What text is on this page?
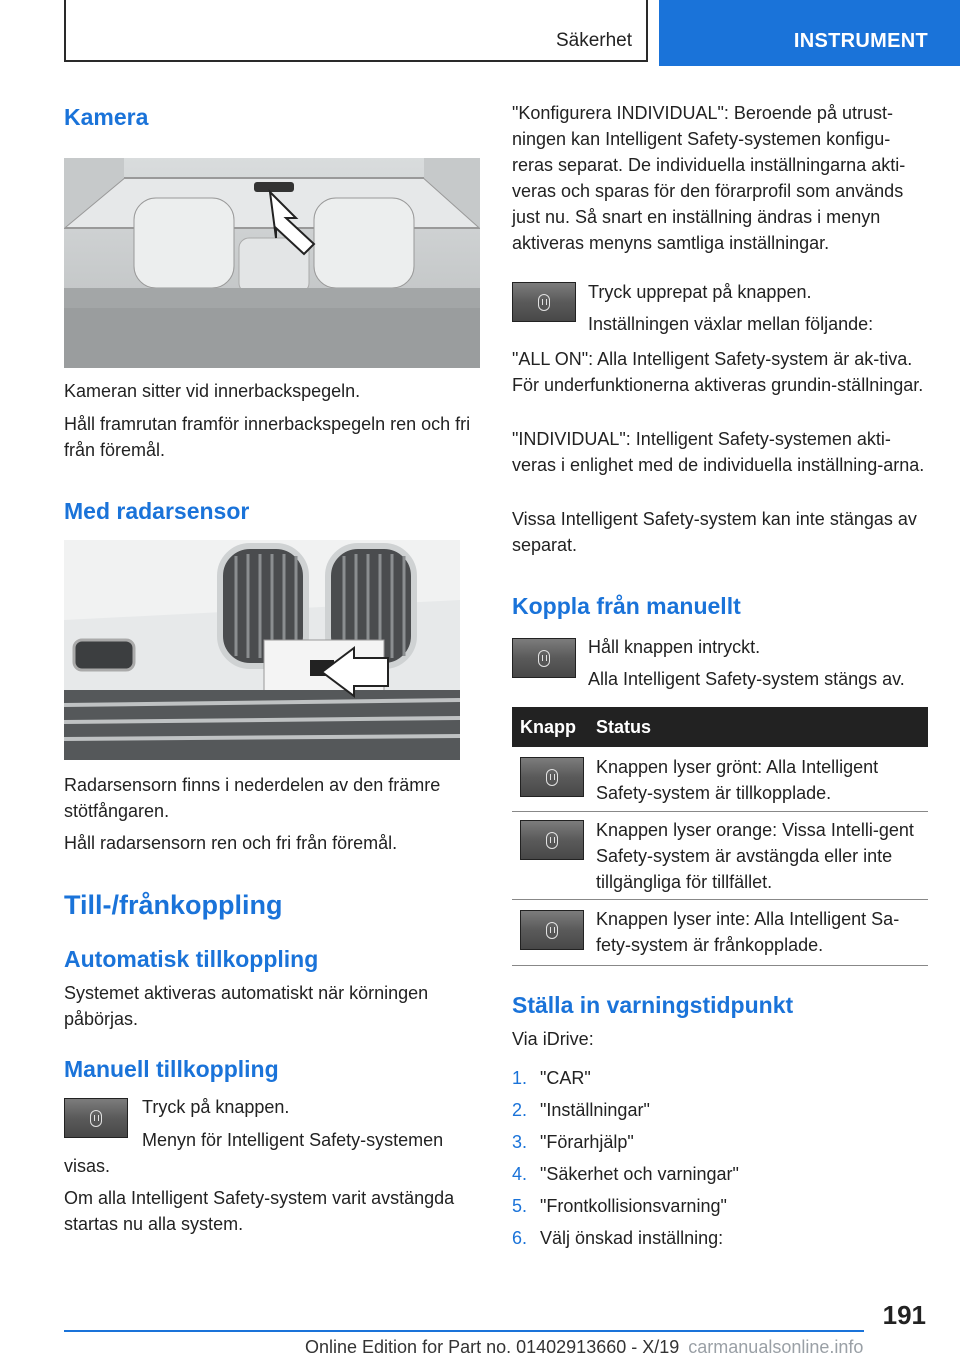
Säkerhet	INSTRUMENT
Kamera

Kameran sitter vid innerbackspegeln.

Håll framrutan framför innerbackspegeln ren och fri från föremål.

Med radarsensor

Radarsensorn finns i nederdelen av den främre stötfångaren.

Håll radarsensorn ren och fri från föremål.

Till-/frånkoppling
Automatisk tillkoppling

Systemet aktiveras automatiskt när körningen påbörjas.

Manuell tillkoppling

Tryck på knappen.

Menyn för Intelligent Safety-systemen

visas.

Om alla Intelligent Safety-system varit avstängda startas nu alla system.

"Konfigurera INDIVIDUAL": Beroende på utrust-ningen kan Intelligent Safety-systemen konfigu-reras separat. De individuella inställningarna akti-veras och sparas för den förarprofil som används just nu. Så snart en inställning ändras i menyn aktiveras menyns samtliga inställningar.

Tryck upprepat på knappen.

Inställningen växlar mellan följande:

"ALL ON": Alla Intelligent Safety-system är ak-tiva. För underfunktionerna aktiveras grundin-ställningar.

"INDIVIDUAL": Intelligent Safety-systemen akti-veras i enlighet med de individuella inställning-arna.

Vissa Intelligent Safety-system kan inte stängas av separat.

Koppla från manuellt

Håll knappen intryckt.

Alla Intelligent Safety-system stängs av.

Knapp Status

Knappen lyser grönt: Alla Intelligent Safety-system är tillkopplade.

Knappen lyser orange: Vissa Intelli-gent Safety-system är avstängda eller inte tillgängliga för tillfället.

Knappen lyser inte: Alla Intelligent Sa-fety-system är frånkopplade.

Ställa in varningstidpunkt

Via iDrive:

1. "CAR"
2. "Inställningar"
3. "Förarhjälp"
4. "Säkerhet och varningar"
5. "Frontkollisionsvarning"
6. Välj önskad inställning:
191
Online Edition for Part no. 01402913660 - X/19 carmanualsonline.info
